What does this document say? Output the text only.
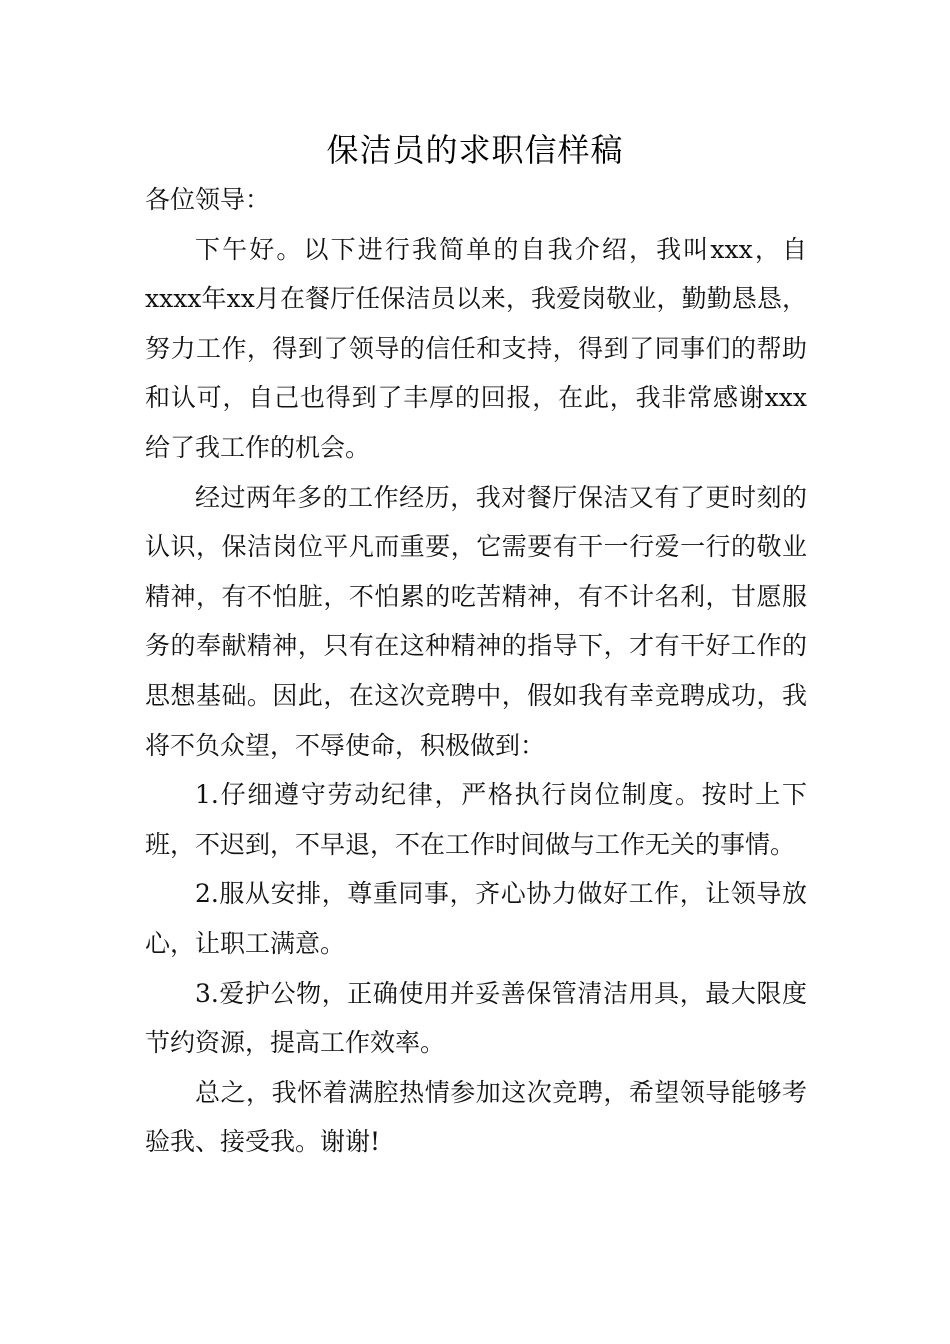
保洁员的求职信样稿

各位领导：

下午好。以下进行我简单的自我介绍，我叫xxx，自xxxx年xx月在餐厅任保洁员以来，我爱岗敬业，勤勤恳恳，努力工作，得到了领导的信任和支持，得到了同事们的帮助和认可，自己也得到了丰厚的回报，在此，我非常感谢xxx给了我工作的机会。

经过两年多的工作经历，我对餐厅保洁又有了更时刻的认识，保洁岗位平凡而重要，它需要有干一行爱一行的敬业精神，有不怕脏，不怕累的吃苦精神，有不计名利，甘愿服务的奉献精神，只有在这种精神的指导下，才有干好工作的思想基础。因此，在这次竞聘中，假如我有幸竞聘成功，我将不负众望，不辱使命，积极做到：

1.仔细遵守劳动纪律，严格执行岗位制度。按时上下班，不迟到，不早退，不在工作时间做与工作无关的事情。

2.服从安排，尊重同事，齐心协力做好工作，让领导放心，让职工满意。

3.爱护公物，正确使用并妥善保管清洁用具，最大限度节约资源，提高工作效率。

总之，我怀着满腔热情参加这次竞聘，希望领导能够考验我、接受我。谢谢!
